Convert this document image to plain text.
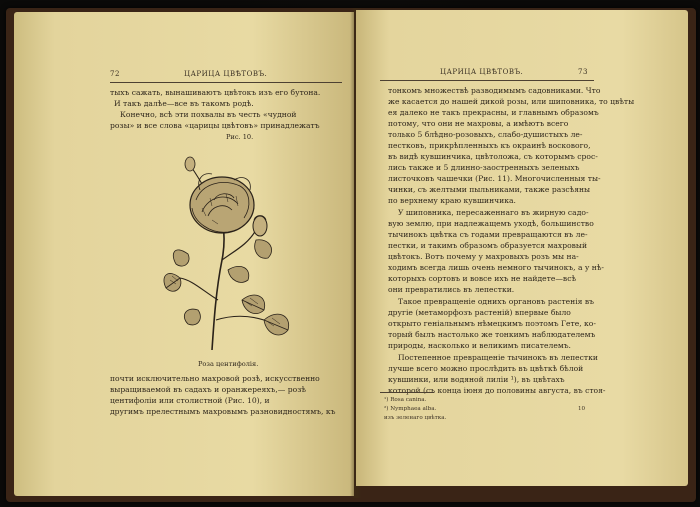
72	ЦАРИЦА ЦВѢТОВЪ.
тыхъ сажать, вынашиваютъ цвѣтокъ изъ его бутона.
И такъ далѣе—все въ такомъ родѣ.
Конечно, всѣ эти похвалы въ честь «чудной
розы» и все слова «царицы цвѣтовъ» принадлежатъ
Рис. 10.
Роза центифолія.
почти исключительно махровой розѣ, искусственно
выращиваемой въ садахъ и оранжереяхъ,— розѣ
центифоліи или столистной (Рис. 10), и
другимъ прелестнымъ махровымъ разновидностямъ, къ
ЦАРИЦА ЦВѢТОВЪ.	73
тонкомъ множествѣ разводимымъ садовниками. Что
же касается до нашей дикой розы, или шиповника, то цвѣты
ея далеко не такъ прекрасны, и главнымъ образомъ
потому, что они не махровы, а имѣютъ всего
только 5 блѣдно-розовыхъ, слабо-душистыхъ ле-
пестковъ, прикрѣпленныхъ къ окраинѣ воскового,
въ видѣ кувшинчика, цвѣтоложа, съ которымъ срос-
лись также и 5 длинно-заостренныхъ зеленыхъ
листочковъ чашечки (Рис. 11). Многочисленныя ты-
чинки, съ желтыми пыльниками, также разсѣяны
по верхнему краю кувшинчика.
У шиповника, пересаженнаго въ жирную садо-
вую землю, при надлежащемъ уходѣ, большинство
тычинокъ цвѣтка съ годами превращаются въ ле-
пестки, и такимъ образомъ образуется махровый
цвѣтокъ. Вотъ почему у махровыхъ розъ мы на-
ходимъ всегда лишь очень немного тычинокъ, а у нѣ-
которыхъ сортовъ и вовсе ихъ не найдете—всѣ
они превратились въ лепестки.
Такое превращеніе однихъ органовъ растенія въ
другіе (метаморфозъ растеній) впервые было
открыто геніальнымъ нѣмецкимъ поэтомъ Гете, ко-
торый былъ настолько же тонкимъ наблюдателемъ
природы, насколько и великимъ писателемъ.
Постепенное превращеніе тычинокъ въ лепестки
лучше всего можно прослѣдить въ цвѣткѣ бѣлой
кувшинки, или водяной лиліи ¹), въ цвѣтахъ
которой (съ конца іюня до половины августа, въ стоя-
¹) Rosa canina.
²) Nymphaea alba.
изъ зеленаго цвѣтка.
10
